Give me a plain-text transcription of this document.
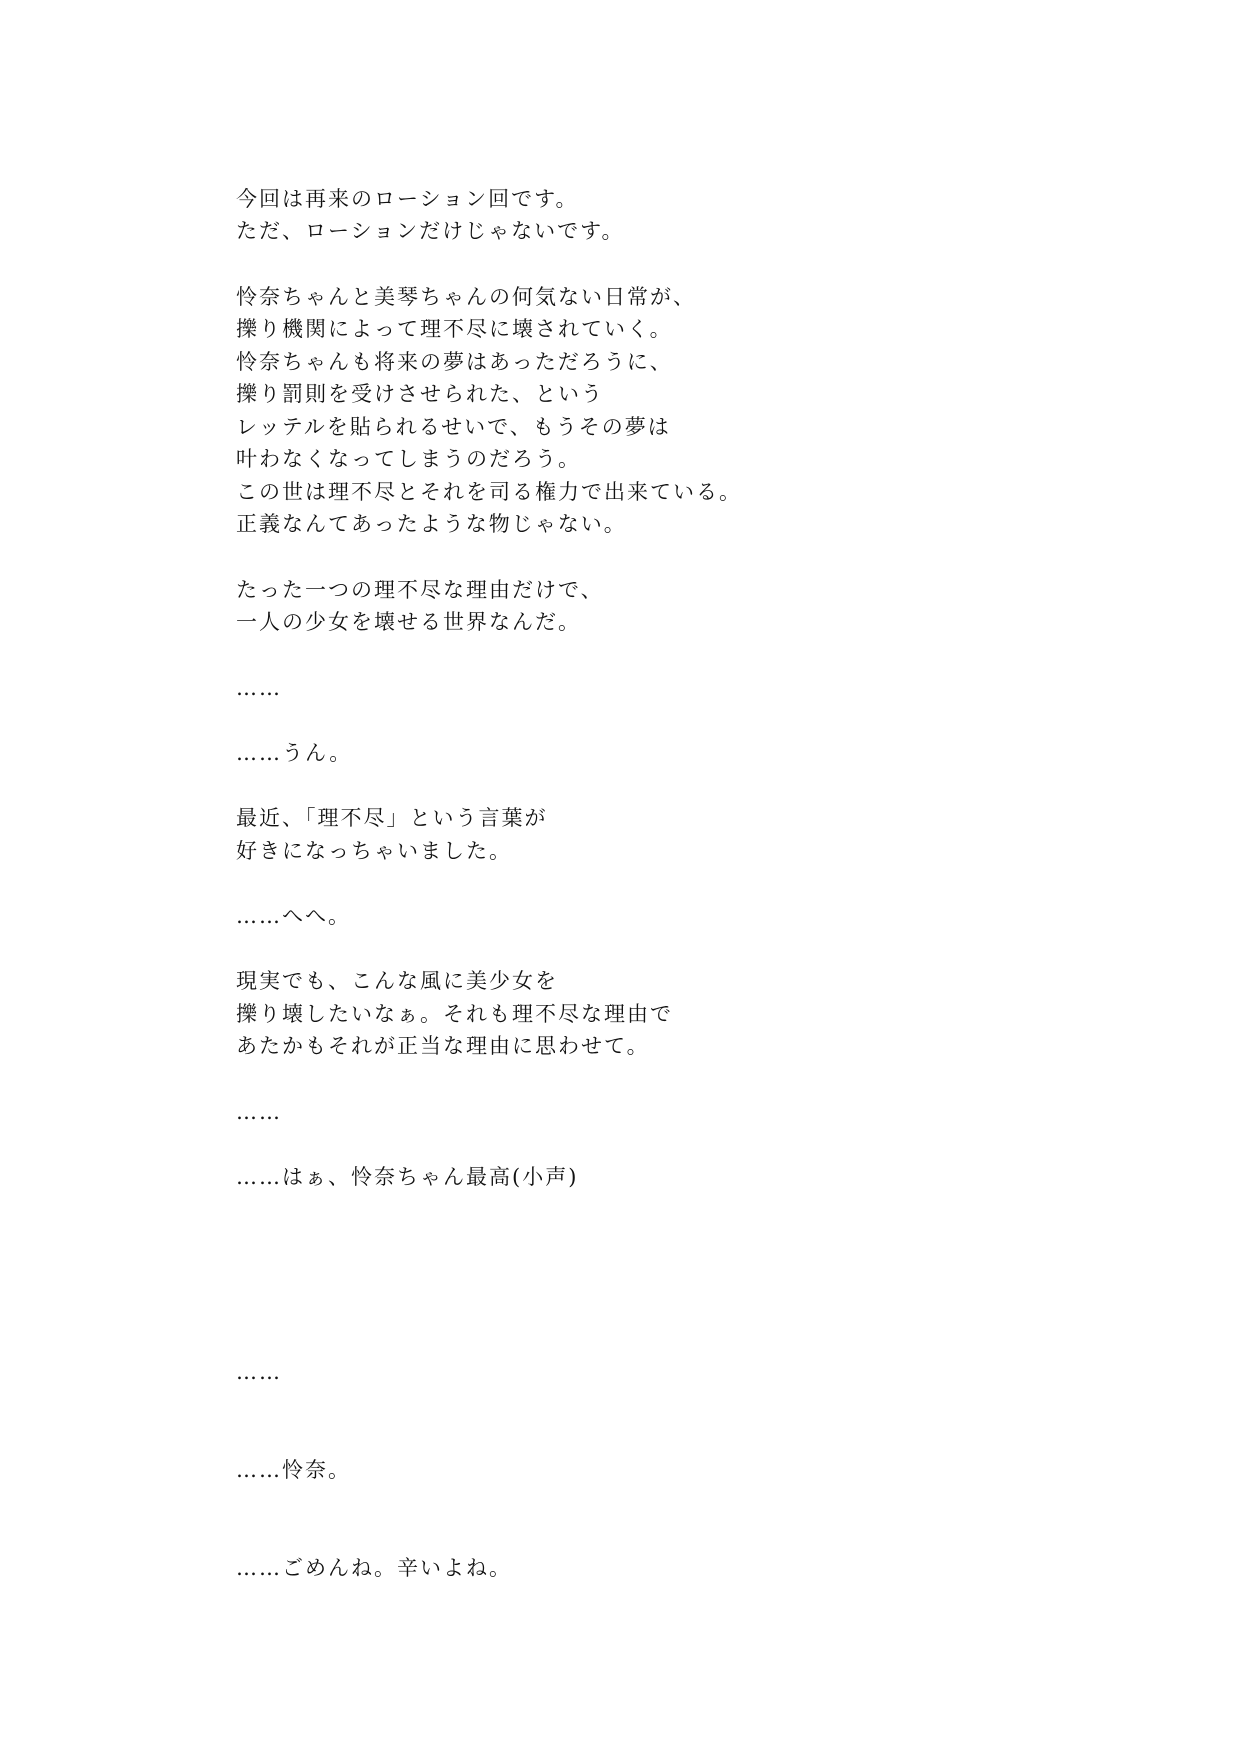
今回は再来のローション回です。

ただ、ローションだけじゃないです。

怜奈ちゃんと美琴ちゃんの何気ない日常が、

擽り機関によって理不尽に壊されていく。

怜奈ちゃんも将来の夢はあっただろうに、

擽り罰則を受けさせられた、という

レッテルを貼られるせいで、もうその夢は

叶わなくなってしまうのだろう。

この世は理不尽とそれを司る権力で出来ている。

正義なんてあったような物じゃない。

たった一つの理不尽な理由だけで、

一人の少女を壊せる世界なんだ。

……

……うん。

最近、「理不尽」という言葉が

好きになっちゃいました。

……へへ。

現実でも、こんな風に美少女を

擽り壊したいなぁ。それも理不尽な理由で

あたかもそれが正当な理由に思わせて。

……

……はぁ、怜奈ちゃん最高(小声)

……

……怜奈。

……ごめんね。辛いよね。
